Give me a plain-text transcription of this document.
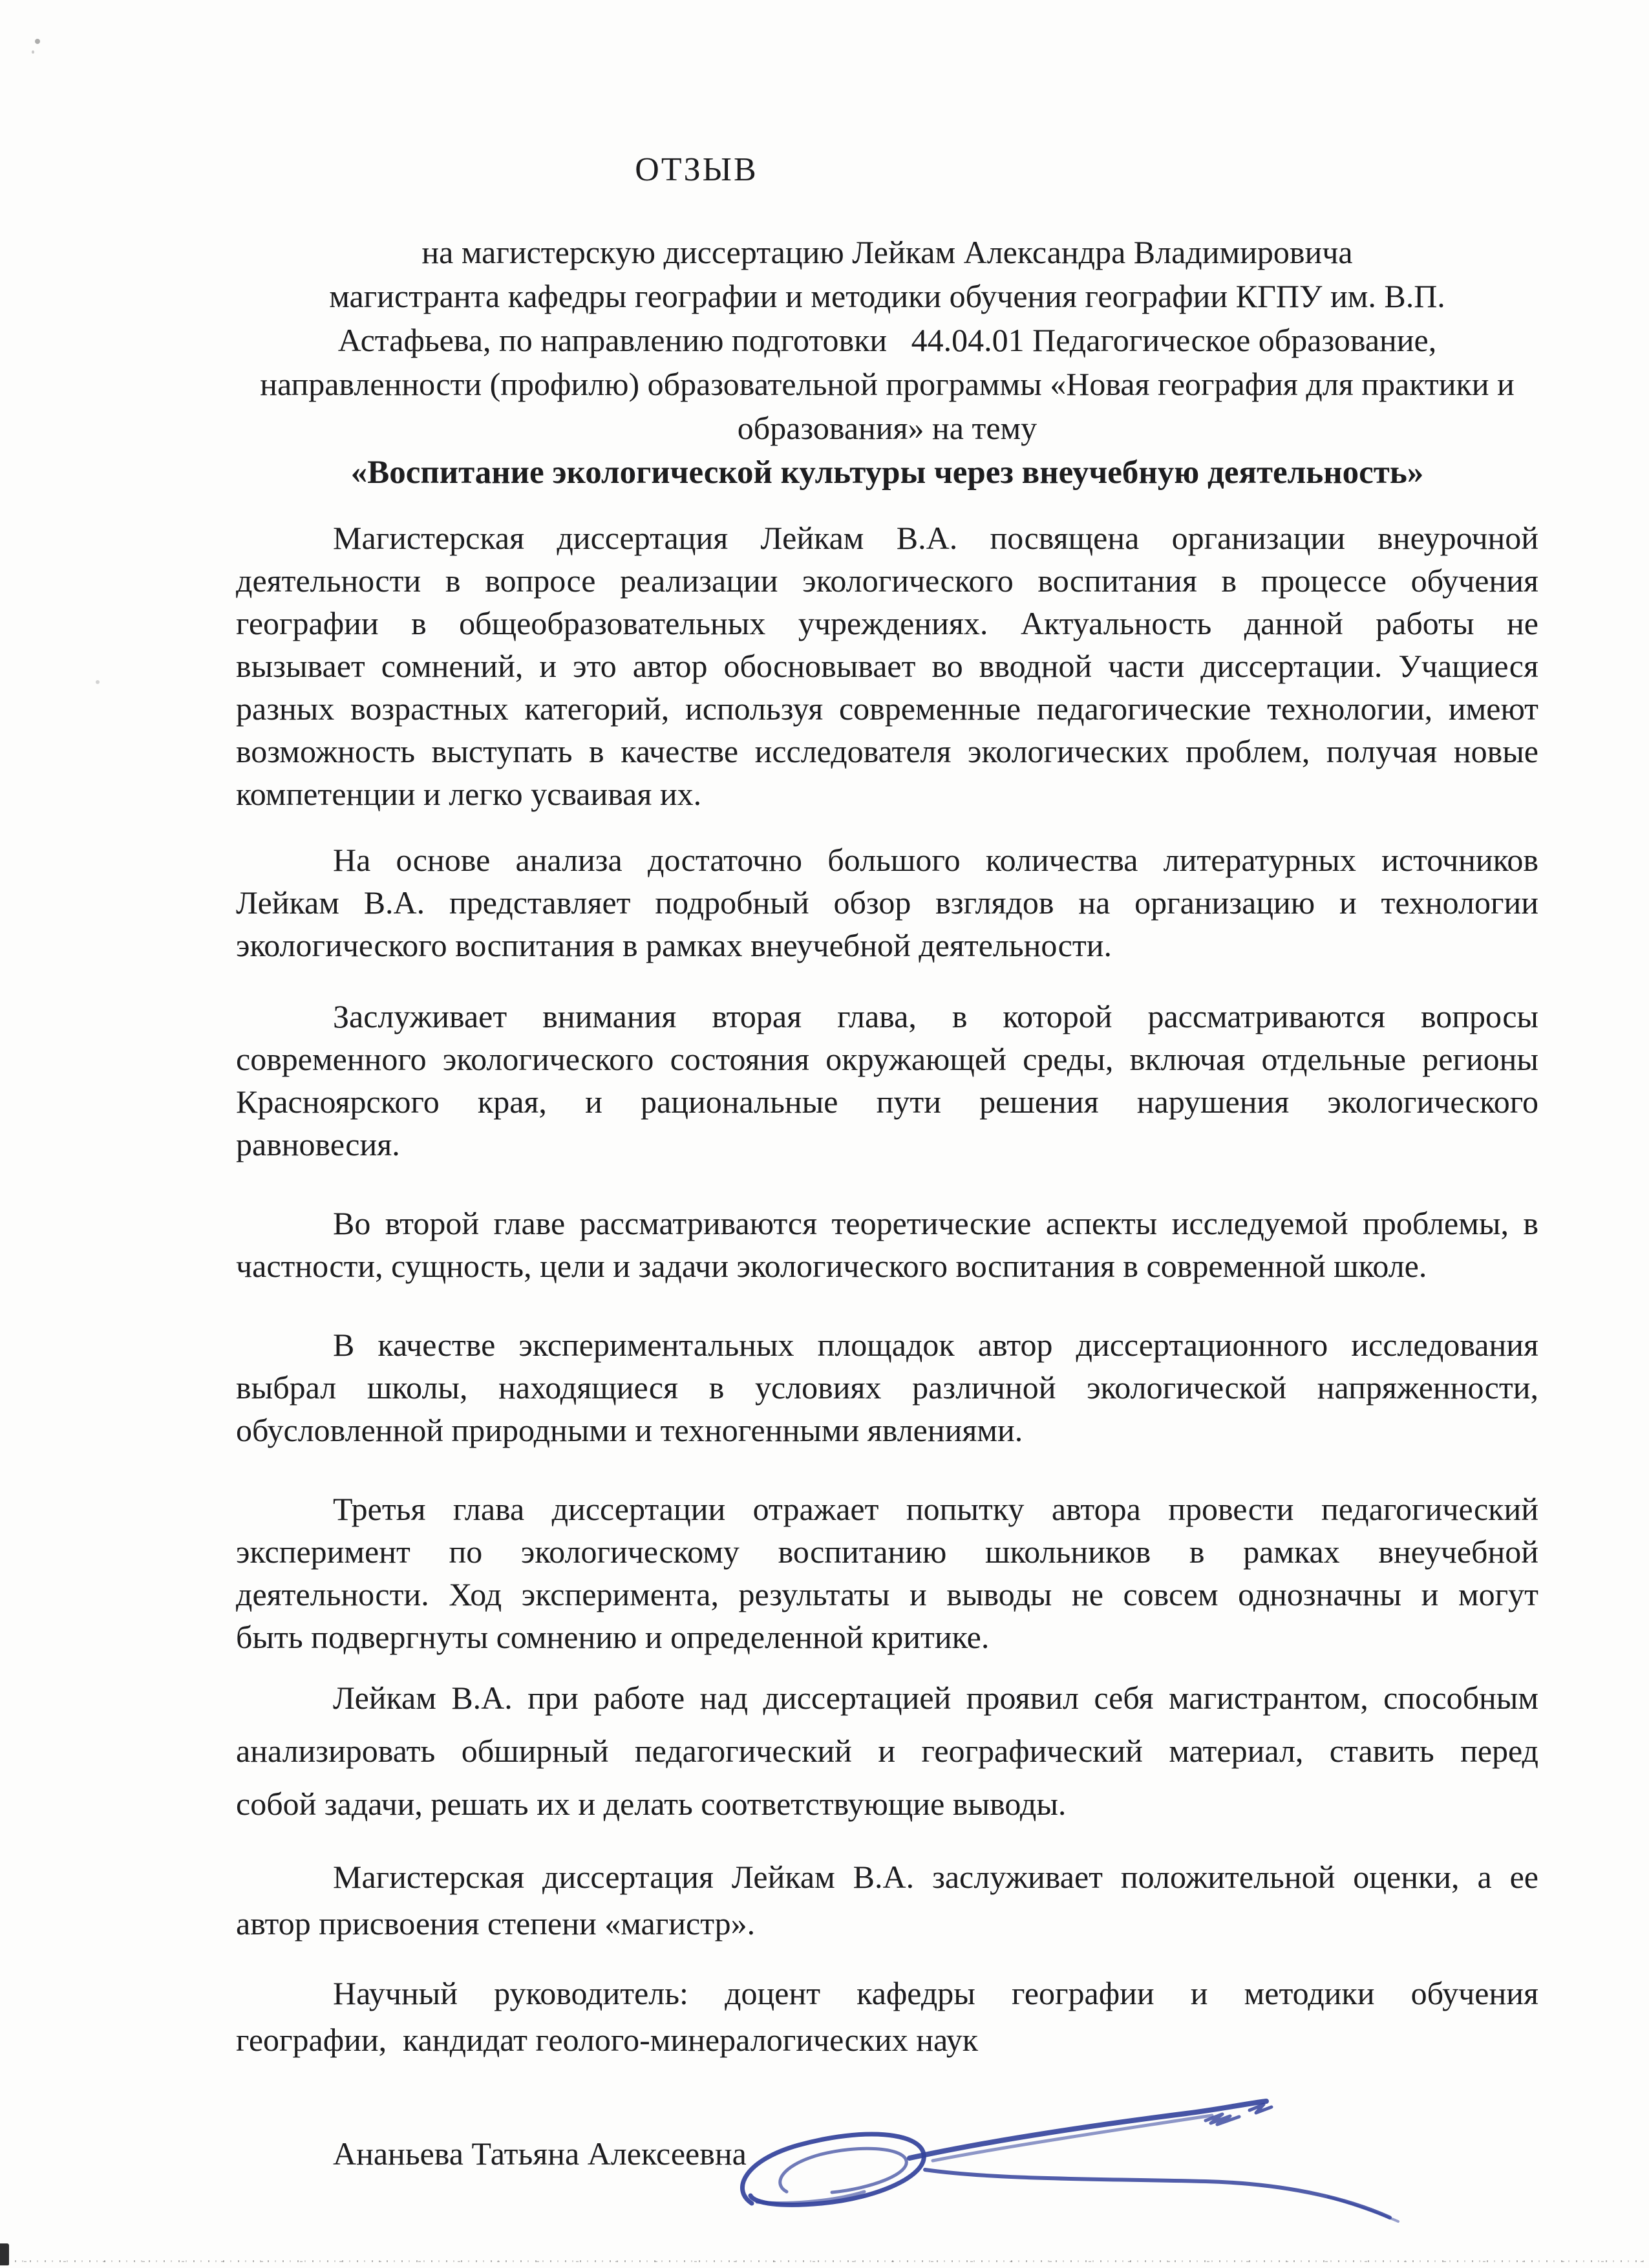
ОТЗЫВ
на магистерскую диссертацию Лейкам Александра Владимировича
магистранта кафедры географии и методики обучения географии КГПУ им. В.П.
Астафьева, по направлению подготовки   44.04.01 Педагогическое образование,
направленности (профилю) образовательной программы «Новая география для практики и
образования» на тему
«Воспитание экологической культуры через внеучебную деятельность»
Магистерская диссертация Лейкам В.А. посвящена организации внеурочной
деятельности в вопросе реализации экологического воспитания в процессе обучения
географии в общеобразовательных учреждениях. Актуальность данной работы не
вызывает сомнений, и это автор обосновывает во вводной части диссертации. Учащиеся
разных возрастных категорий, используя современные педагогические технологии, имеют
возможность выступать в качестве исследователя экологических проблем, получая новые
компетенции и легко усваивая их.
На основе анализа достаточно большого количества литературных источников
Лейкам В.А. представляет подробный обзор взглядов на организацию и технологии
экологического воспитания в рамках внеучебной деятельности.
Заслуживает внимания вторая глава, в которой рассматриваются вопросы
современного экологического состояния окружающей среды, включая отдельные регионы
Красноярского края, и рациональные пути решения нарушения экологического
равновесия.
Во второй главе рассматриваются теоретические аспекты исследуемой проблемы, в
частности, сущность, цели и задачи экологического воспитания в современной школе.
В качестве экспериментальных площадок автор диссертационного исследования
выбрал школы, находящиеся в условиях различной экологической напряженности,
обусловленной природными и техногенными явлениями.
Третья глава диссертации отражает попытку автора провести педагогический
эксперимент по экологическому воспитанию школьников в рамках внеучебной
деятельности. Ход эксперимента, результаты и выводы не совсем однозначны и могут
быть подвергнуты сомнению и определенной критике.
Лейкам В.А. при работе над диссертацией проявил себя магистрантом, способным
анализировать обширный педагогический и географический материал, ставить перед
собой задачи, решать их и делать соответствующие выводы.
Магистерская диссертация Лейкам В.А. заслуживает положительной оценки, а ее
автор присвоения степени «магистр».
Научный руководитель: доцент кафедры географии и методики обучения
географии,  кандидат геолого-минералогических наук
Ананьева Татьяна Алексеевна
